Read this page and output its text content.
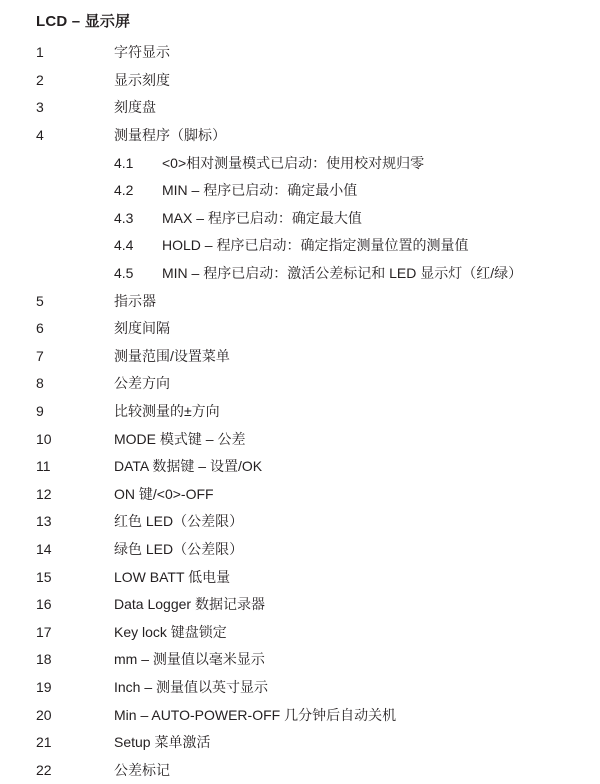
LCD – 显示屏
1	字符显示
2	显示刻度
3	刻度盘
4	测量程序（脚标）
4.1	<0>相对测量模式已启动：使用校对规归零
4.2	MIN – 程序已启动：确定最小值
4.3	MAX – 程序已启动：确定最大值
4.4	HOLD – 程序已启动：确定指定测量位置的测量值
4.5	MIN – 程序已启动：激活公差标记和 LED 显示灯（红/绿）
5	指示器
6	刻度间隔
7	测量范围/设置菜单
8	公差方向
9	比较测量的±方向
10	MODE 模式键 – 公差
11	DATA 数据键 – 设置/OK
12	ON 键/<0>-OFF
13	红色 LED（公差限）
14	绿色 LED（公差限）
15	LOW BATT 低电量
16	Data Logger 数据记录器
17	Key lock 键盘锁定
18	mm – 测量值以毫米显示
19	Inch – 测量值以英寸显示
20	Min – AUTO-POWER-OFF 几分钟后自动关机
21	Setup 菜单激活
22	公差标记
